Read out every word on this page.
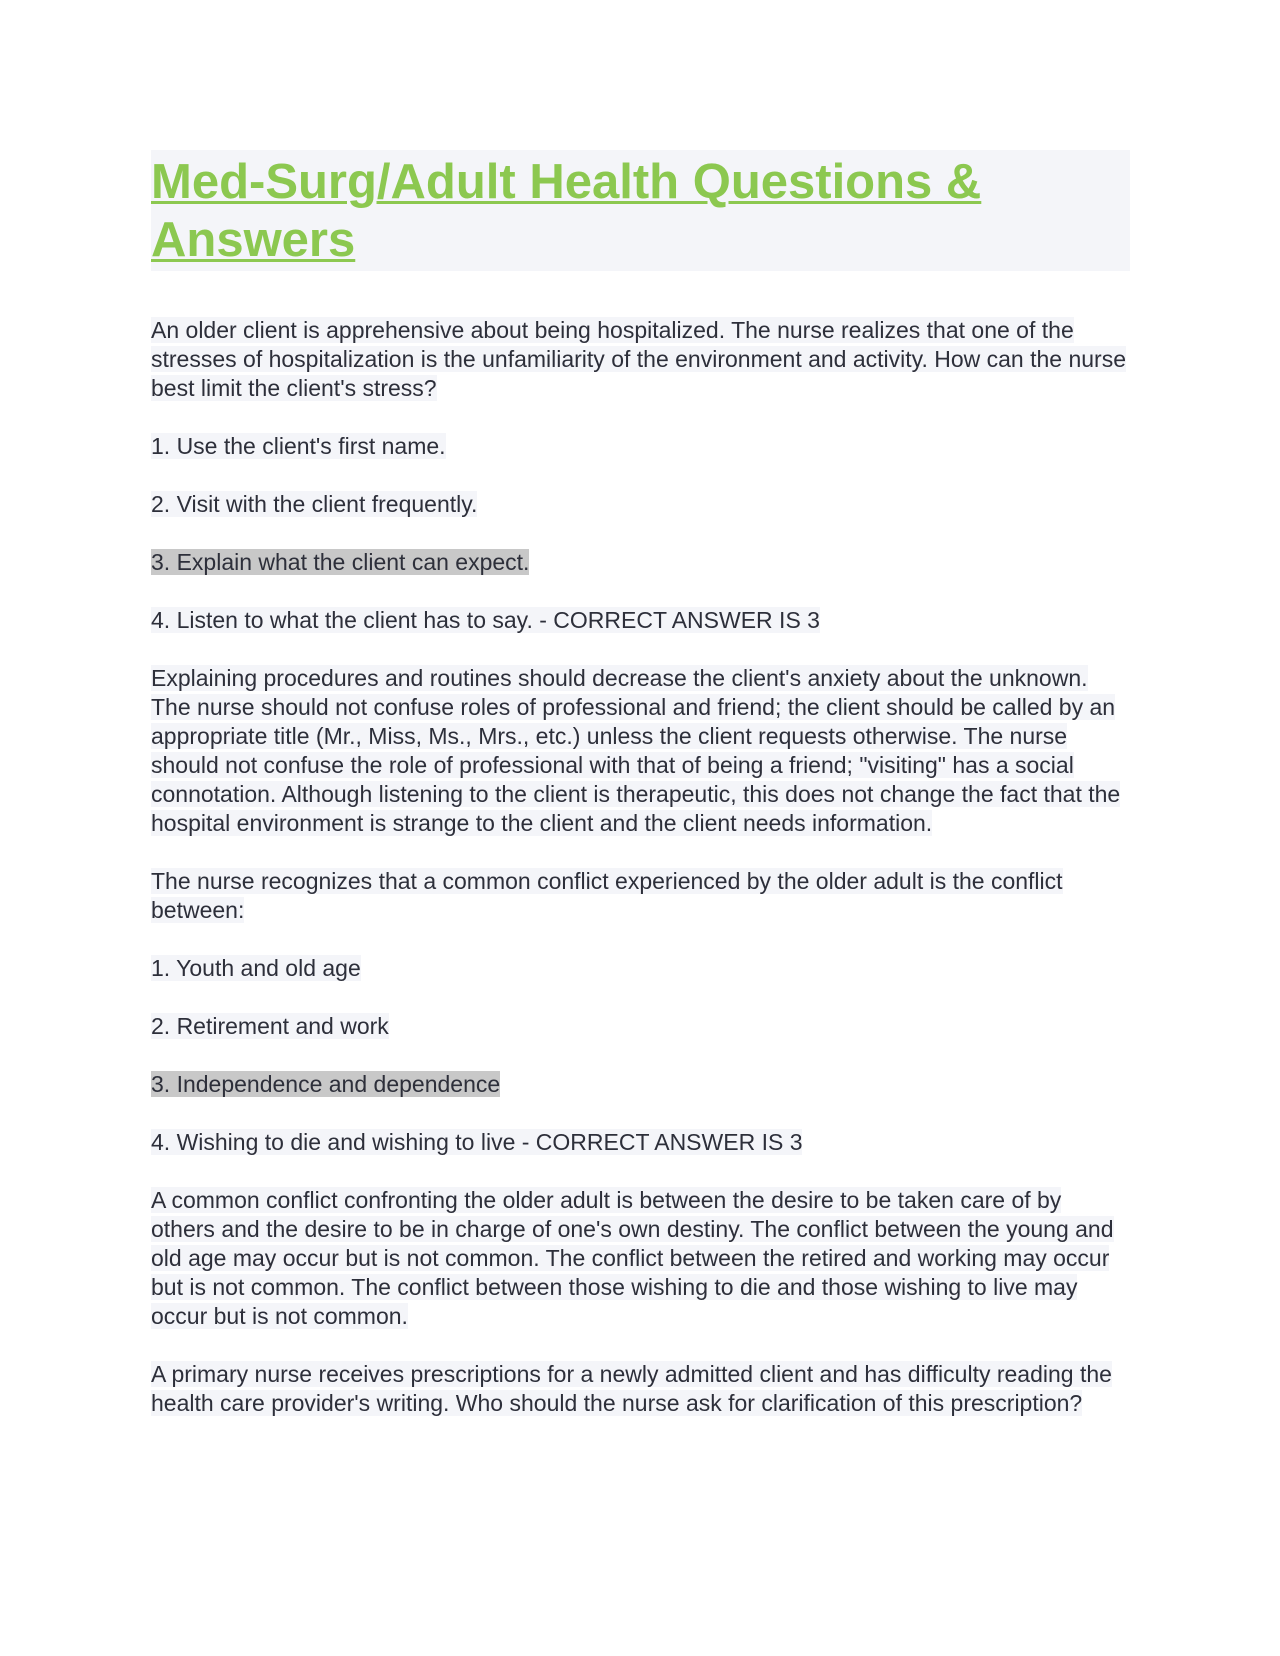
Med-Surg/Adult Health Questions & Answers

An older client is apprehensive about being hospitalized. The nurse realizes that one of the stresses of hospitalization is the unfamiliarity of the environment and activity. How can the nurse best limit the client's stress?

1. Use the client's first name.

2. Visit with the client frequently.

3. Explain what the client can expect.

4. Listen to what the client has to say. - CORRECT ANSWER IS 3

Explaining procedures and routines should decrease the client's anxiety about the unknown. The nurse should not confuse roles of professional and friend; the client should be called by an appropriate title (Mr., Miss, Ms., Mrs., etc.) unless the client requests otherwise. The nurse should not confuse the role of professional with that of being a friend; "visiting" has a social connotation. Although listening to the client is therapeutic, this does not change the fact that the hospital environment is strange to the client and the client needs information.

The nurse recognizes that a common conflict experienced by the older adult is the conflict between:

1. Youth and old age

2. Retirement and work

3. Independence and dependence

4. Wishing to die and wishing to live - CORRECT ANSWER IS 3

A common conflict confronting the older adult is between the desire to be taken care of by others and the desire to be in charge of one's own destiny. The conflict between the young and old age may occur but is not common. The conflict between the retired and working may occur but is not common. The conflict between those wishing to die and those wishing to live may occur but is not common.

A primary nurse receives prescriptions for a newly admitted client and has difficulty reading the health care provider's writing. Who should the nurse ask for clarification of this prescription?
